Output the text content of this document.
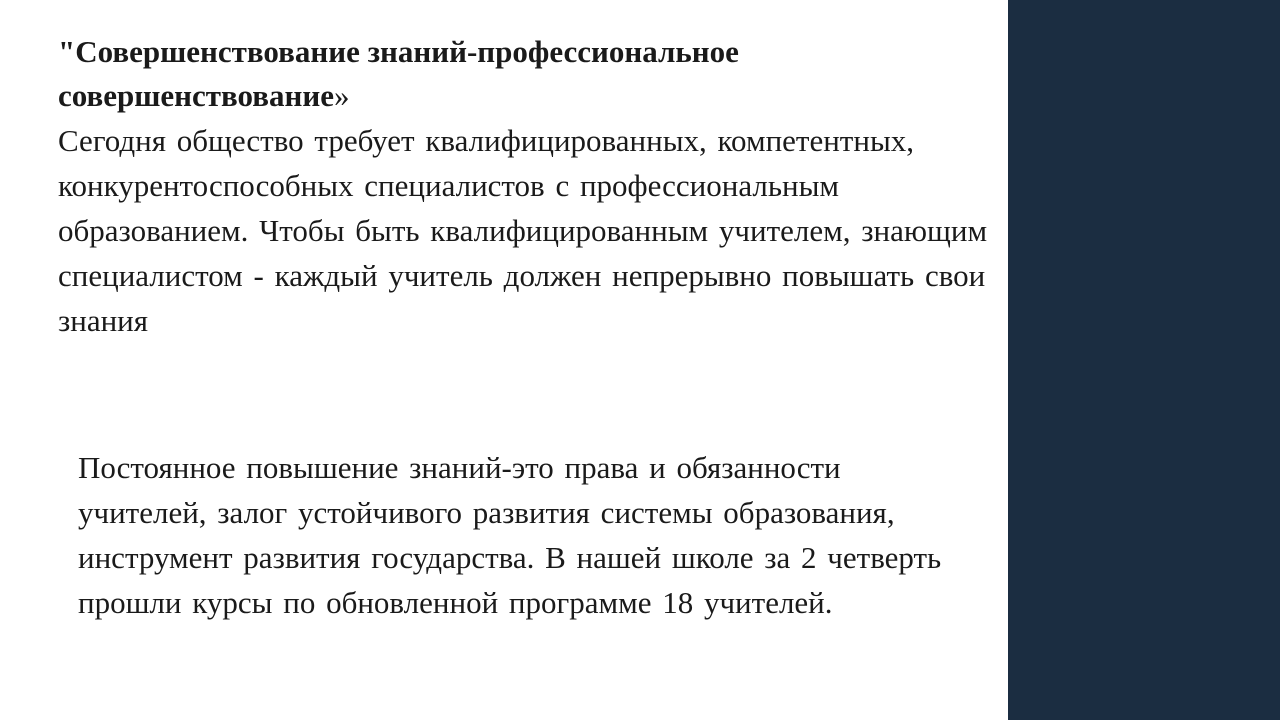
"Совершенствование знаний-профессиональное совершенствование»

Сегодня общество требует квалифицированных, компетентных, конкурентоспособных специалистов с профессиональным образованием. Чтобы быть квалифицированным учителем, знающим специалистом - каждый учитель должен непрерывно повышать свои знания

Постоянное повышение знаний-это права и обязанности учителей, залог устойчивого развития системы образования, инструмент развития государства. В нашей школе за 2 четверть прошли курсы по обновленной программе 18 учителей.
